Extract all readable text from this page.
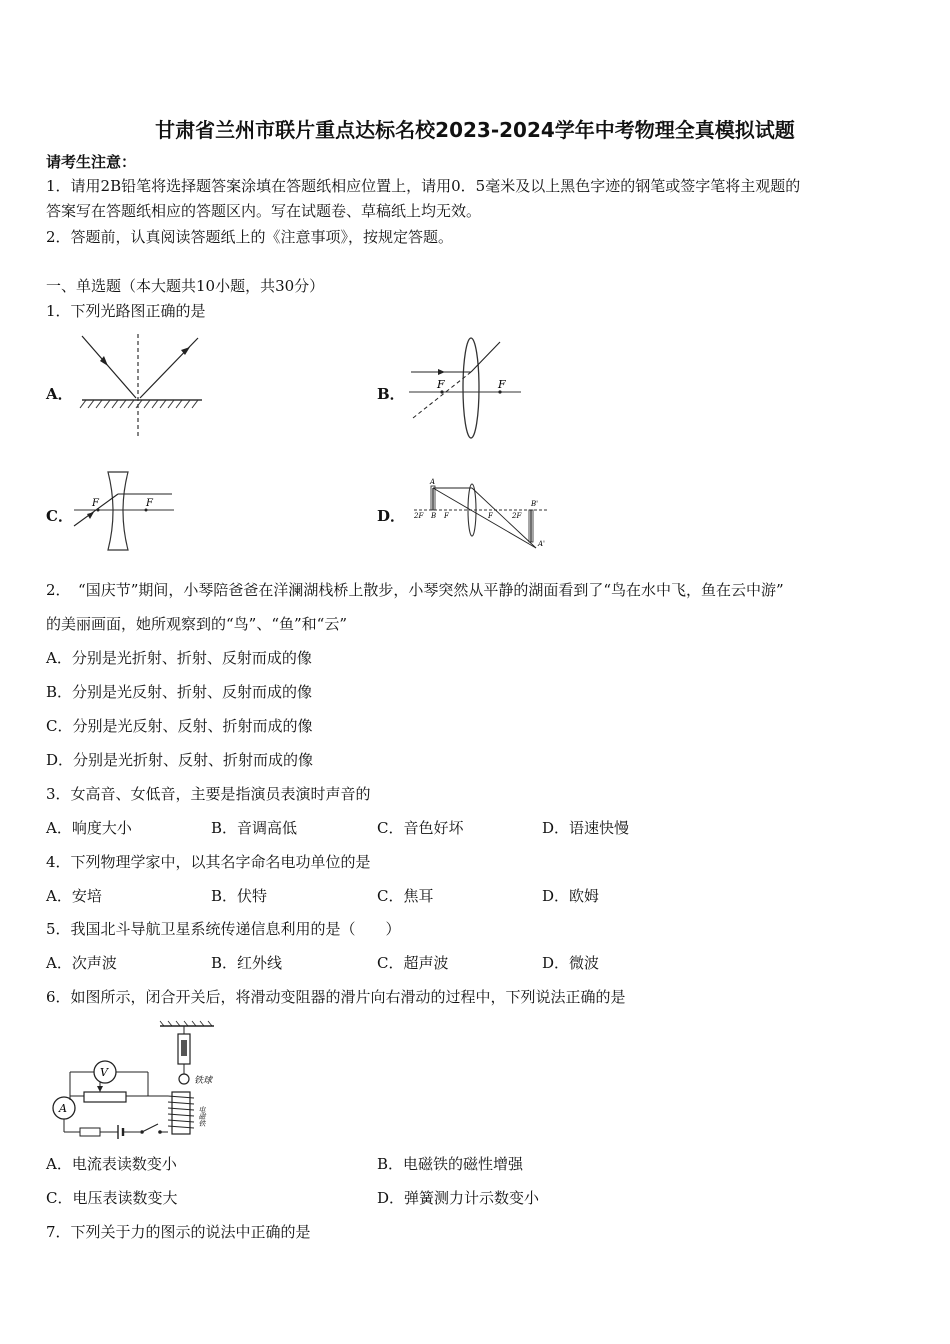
甘肃省兰州市联片重点达标名校2023-2024学年中考物理全真模拟试题
请考生注意：
1．请用2B铅笔将选择题答案涂填在答题纸相应位置上，请用0．5毫米及以上黑色字迹的钢笔或签字笔将主观题的
答案写在答题纸相应的答题区内。写在试题卷、草稿纸上均无效。
2．答题前，认真阅读答题纸上的《注意事项》，按规定答题。
一、单选题（本大题共10小题，共30分）
1．下列光路图正确的是
A．	B．
C．	D．
F	F
F	F
A
2F B F	F	2F
B'
A'
2．　“国庆节”期间，小琴陪爸爸在洋澜湖栈桥上散步，小琴突然从平静的湖面看到了“鸟在水中飞，鱼在云中游”
的美丽画面，她所观察到的“鸟”、“鱼”和“云”
A．分别是光折射、折射、反射而成的像
B．分别是光反射、折射、反射而成的像
C．分别是光反射、反射、折射而成的像
D．分别是光折射、反射、折射而成的像
3．女高音、女低音，主要是指演员表演时声音的
A．响度大小	B．音调高低	C．音色好坏	D．语速快慢
4．下列物理学家中，以其名字命名电功单位的是
A．安培	B．伏特	C．焦耳	D．欧姆
5．我国北斗导航卫星系统传递信息利用的是（　　）
A．次声波	B．红外线	C．超声波	D．微波
6．如图所示，闭合开关后，将滑动变阻器的滑片向右滑动的过程中，下列说法正确的是
铁球
电磁铁
V
A
A．电流表读数变小	B．电磁铁的磁性增强
C．电压表读数变大	D．弹簧测力计示数变小
7．下列关于力的图示的说法中正确的是
